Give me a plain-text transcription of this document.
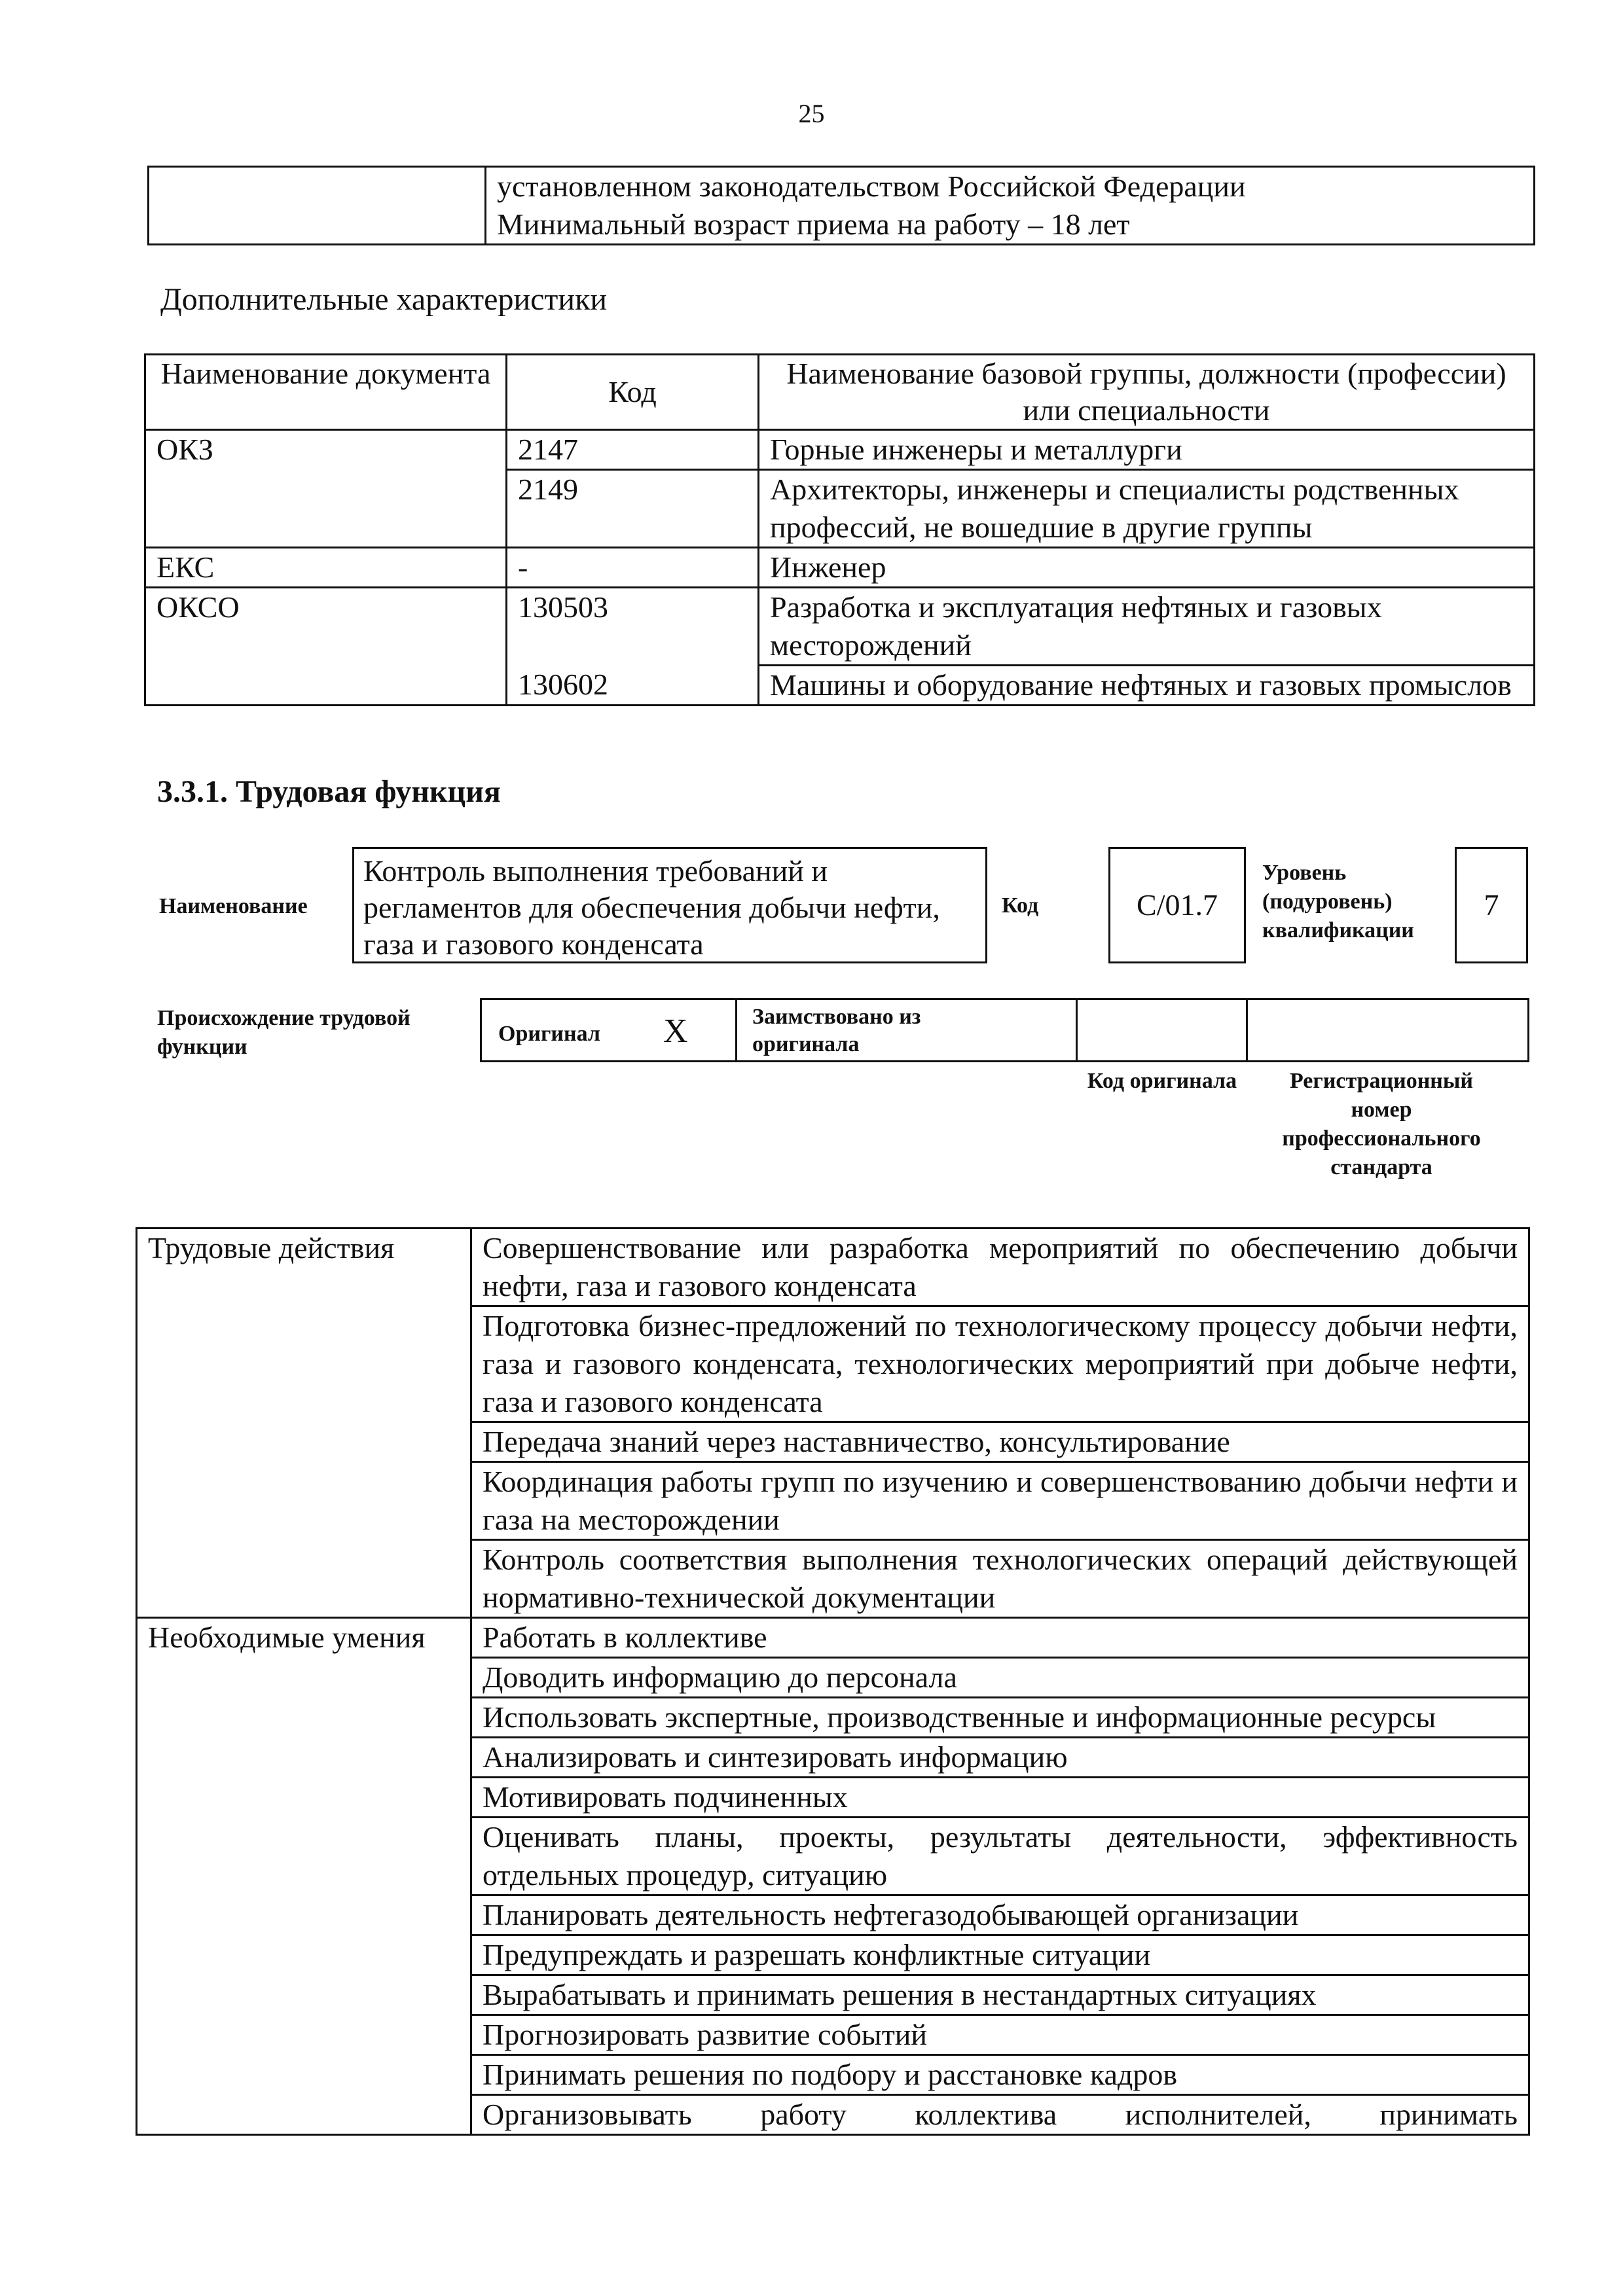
25

установленном законодательством Российской Федерации
Минимальный возраст приема на работу – 18 лет
Дополнительные характеристики
Наименование документа	Код	Наименование базовой группы, должности (профессии) или специальности
ОКЗ	2147	Горные инженеры и металлурги
	2149	Архитекторы, инженеры и специалисты родственных профессий, не вошедшие в другие группы
ЕКС	-	Инженер
ОКСО	130503	Разработка и эксплуатация нефтяных и газовых месторождений
	130602	Машины и оборудование нефтяных и газовых промыслов
3.3.1. Трудовая функция
Наименование
Контроль выполнения требований и регламентов для обеспечения добычи нефти, газа и газового конденсата
Код	C/01.7
Уровень (подуровень) квалификации
7
Происхождение трудовой функции
Оригинал X	Заимствовано из оригинала
Код оригинала	Регистрационный номер профессионального стандарта
Трудовые действия	Совершенствование или разработка мероприятий по обеспечению добычи нефти, газа и газового конденсата
	Подготовка бизнес-предложений по технологическому процессу добычи нефти, газа и газового конденсата, технологических мероприятий при добыче нефти, газа и газового конденсата
	Передача знаний через наставничество, консультирование
	Координация работы групп по изучению и совершенствованию добычи нефти и газа на месторождении
	Контроль соответствия выполнения технологических операций действующей нормативно-технической документации
Необходимые умения	Работать в коллективе
	Доводить информацию до персонала
	Использовать экспертные, производственные и информационные ресурсы
	Анализировать и синтезировать информацию
	Мотивировать подчиненных
	Оценивать планы, проекты, результаты деятельности, эффективность отдельных процедур, ситуацию
	Планировать деятельность нефтегазодобывающей организации
	Предупреждать и разрешать конфликтные ситуации
	Вырабатывать и принимать решения в нестандартных ситуациях
	Прогнозировать развитие событий
	Принимать решения по подбору и расстановке кадров
	Организовывать работу коллектива исполнителей, принимать
